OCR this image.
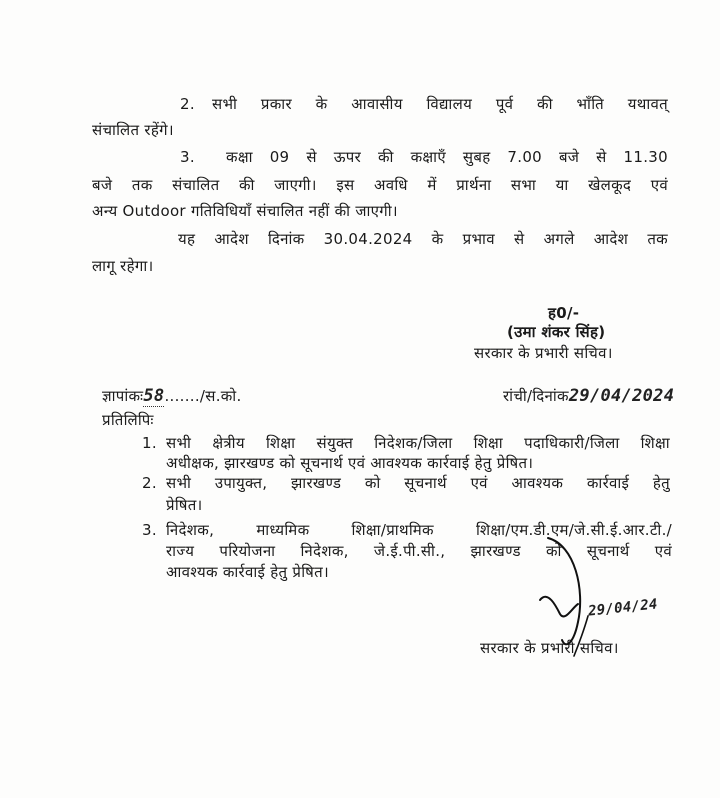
2. सभी प्रकार के आवासीय विद्यालय पूर्व की भाँति यथावत्
संचालित रहेंगे।
3. कक्षा 09 से ऊपर की कक्षाएँ सुबह 7.00 बजे से 11.30
बजे तक संचालित की जाएगी। इस अवधि में प्रार्थना सभा या खेलकूद एवं
अन्य Outdoor गतिविधियाँ संचालित नहीं की जाएगी।
यह आदेश दिनांक 30.04.2024 के प्रभाव से अगले आदेश तक
लागू रहेगा।
ह0/-
(उमा शंकर सिंह)
सरकार के प्रभारी सचिव।
ज्ञापांकः58......./स.को.	रांची/दिनांक29/04/2024
प्रतिलिपिः
1. सभी क्षेत्रीय शिक्षा संयुक्त निदेशक/जिला शिक्षा पदाधिकारी/जिला शिक्षा
अधीक्षक, झारखण्ड को सूचनार्थ एवं आवश्यक कार्रवाई हेतु प्रेषित।
2. सभी उपायुक्त, झारखण्ड को सूचनार्थ एवं आवश्यक कार्रवाई हेतु
प्रेषित।
3. निदेशक, माध्यमिक शिक्षा/प्राथमिक शिक्षा/एम.डी.एम/जे.सी.ई.आर.टी./
राज्य परियोजना निदेशक, जे.ई.पी.सी., झारखण्ड को सूचनार्थ एवं
आवश्यक कार्रवाई हेतु प्रेषित।
29/04/24
सरकार के प्रभारी सचिव।
